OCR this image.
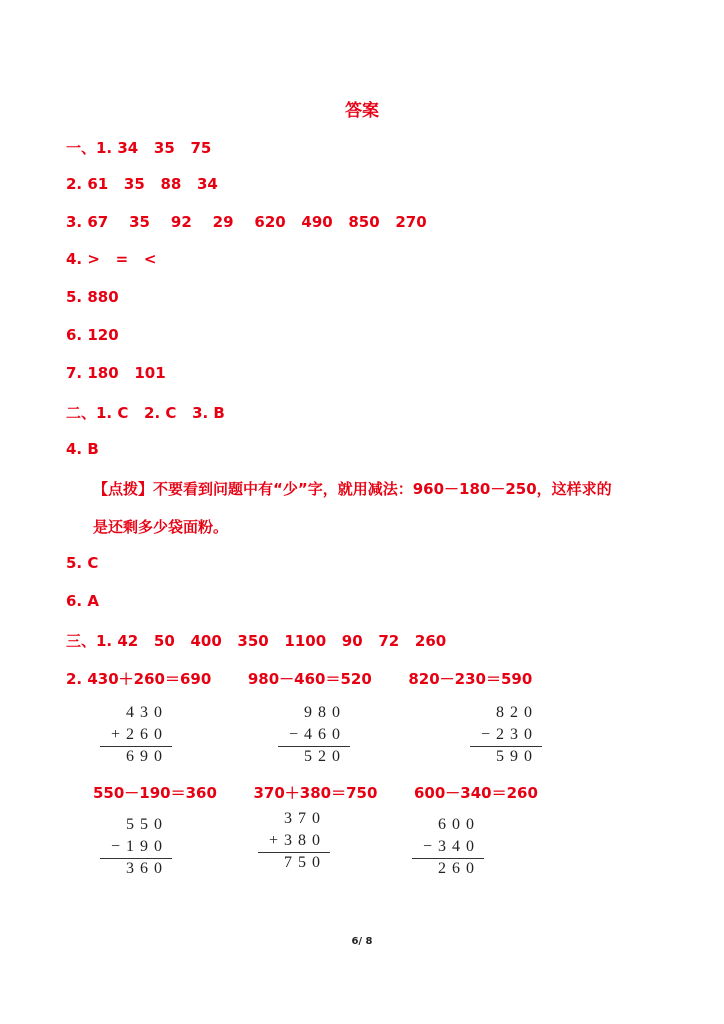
答案
一、1. 34   35   75
2. 61   35   88   34
3. 67    35    92    29    620   490   850   270
4. >   =   <
5. 880
6. 120
7. 180   101
二、1. C   2. C   3. B
4. B
【点拨】不要看到问题中有“少”字，就用减法：960－180－250，这样求的
是还剩多少袋面粉。
5. C
6. A
三、1. 42   50   400   350   1100   90   72   260
2. 430＋260＝690       980－460＝520       820－230＝590
550－190＝360       370＋380＝750       600－340＝260
430
+ 260
690
980
− 460
520
820
− 230
590
550
− 190
360
370
+ 380
750
600
− 340
260
6/ 8
